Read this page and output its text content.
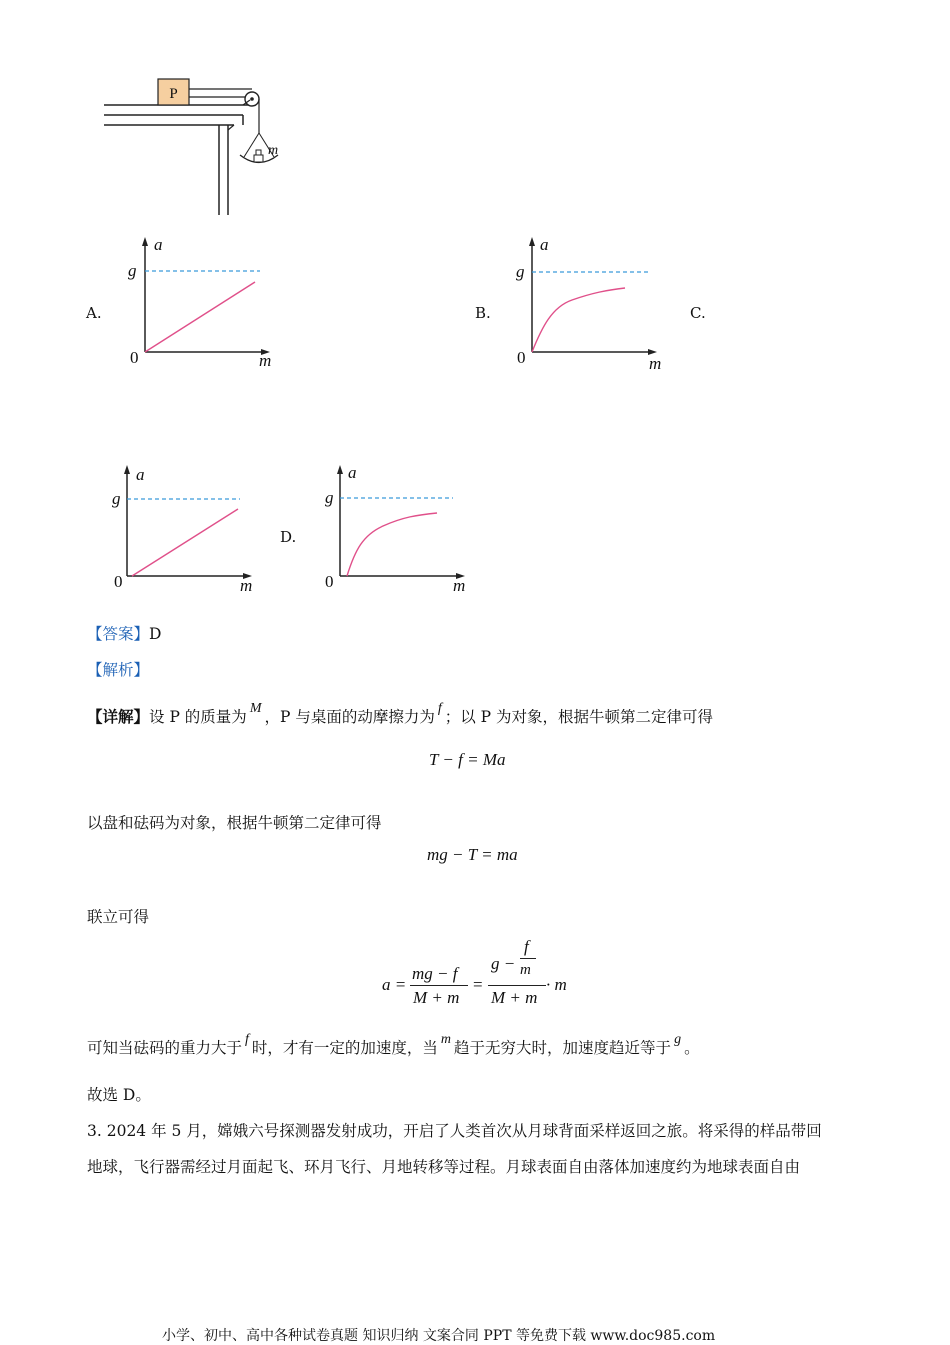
P
m
A.	B.	C.
D.
a
g
0	m
a
g
0	m
a
g
0	m
a
g
0	m
【答案】D
【解析】
【详解】设 P 的质量为 M ，P 与桌面的动摩擦力为 f ；以 P 为对象，根据牛顿第二定律可得
T − f = Ma
以盘和砝码为对象，根据牛顿第二定律可得
mg − T = ma
联立可得
a =
mg − f
M + m
=
g −
f
m
M + m
· m
可知当砝码的重力大于 f 时，才有一定的加速度，当 m 趋于无穷大时，加速度趋近等于 g 。
故选 D。
3. 2024 年 5 月，嫦娥六号探测器发射成功，开启了人类首次从月球背面采样返回之旅。将采得的样品带回
地球，飞行器需经过月面起飞、环月飞行、月地转移等过程。月球表面自由落体加速度约为地球表面自由
小学、初中、高中各种试卷真题 知识归纳 文案合同 PPT 等免费下载 www.doc985.com
